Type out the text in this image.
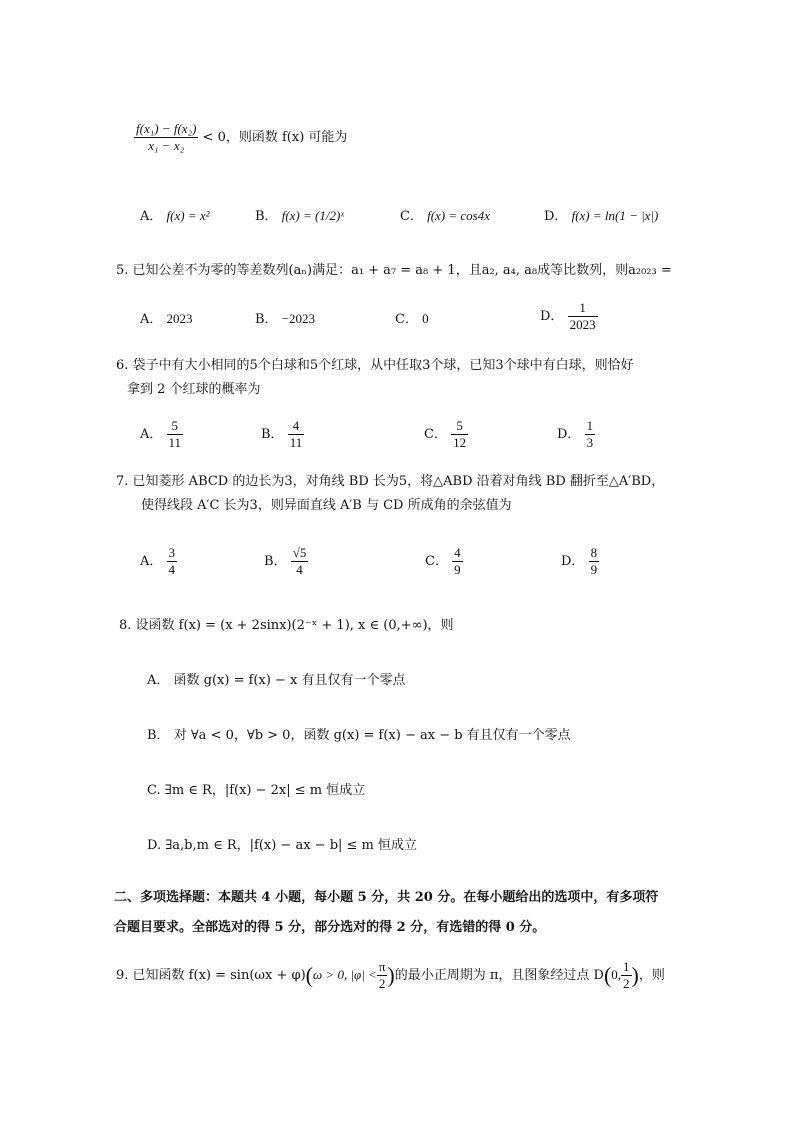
$\frac{\text{f(x₁) − f(x₂)}}{\text{x₁ − x₂}} < 0$，则函数 f(x) 可能为
A． f(x) = x²	B． f(x) = (1/2)ˣ	C． f(x) = cos4x	D． f(x) = ln(1 − |x|)
5. 已知公差不为零的等差数列(aₙ)满足：a₁ + a₇ = a₈ + 1，且a₂, a₄, a₈成等比数列，则a₂₀₂₃ =
A． 2023	B． −2023	C． 0	D． $\frac{1}{2023}$
6. 袋子中有大小相同的5个白球和5个红球，从中任取3个球，已知3个球中有白球，则恰好
拿到 2 个红球的概率为
A． $\frac{5}{11}$	B． $\frac{4}{11}$	C． $\frac{5}{12}$	D． $\frac{1}{3}$
7. 已知菱形 ABCD 的边长为3，对角线 BD 长为5，将△ABD 沿着对角线 BD 翻折至△A′BD，
使得线段 A′C 长为3，则异面直线 A′B 与 CD 所成角的余弦值为
A． $\frac{3}{4}$	B． $\frac{√5}{4}$	C． $\frac{4}{9}$	D． $\frac{8}{9}$
8. 设函数 f(x) = (x + 2sinx)(2⁻ˣ + 1), x ∈ (0,+∞)，则
A． 函数 g(x) = f(x) − x 有且仅有一个零点
B． 对 ∀a < 0，∀b > 0，函数 g(x) = f(x) − ax − b 有且仅有一个零点
C. ∃m ∈ R，|f(x) − 2x| ≤ m 恒成立
D. ∃a,b,m ∈ R，|f(x) − ax − b| ≤ m 恒成立
二、多项选择题：本题共 4 小题，每小题 5 分，共 20 分。在每小题给出的选项中，有多项符
合题目要求。全部选对的得 5 分，部分选对的得 2 分，有选错的得 0 分。
9. 已知函数 f(x) = sin(ωx + φ)(ω > 0, $|\varphi| < \frac{\pi}{2}$ )的最小正周期为 π，且图象经过点 D(0, $\frac{1}{2}$ )，则
